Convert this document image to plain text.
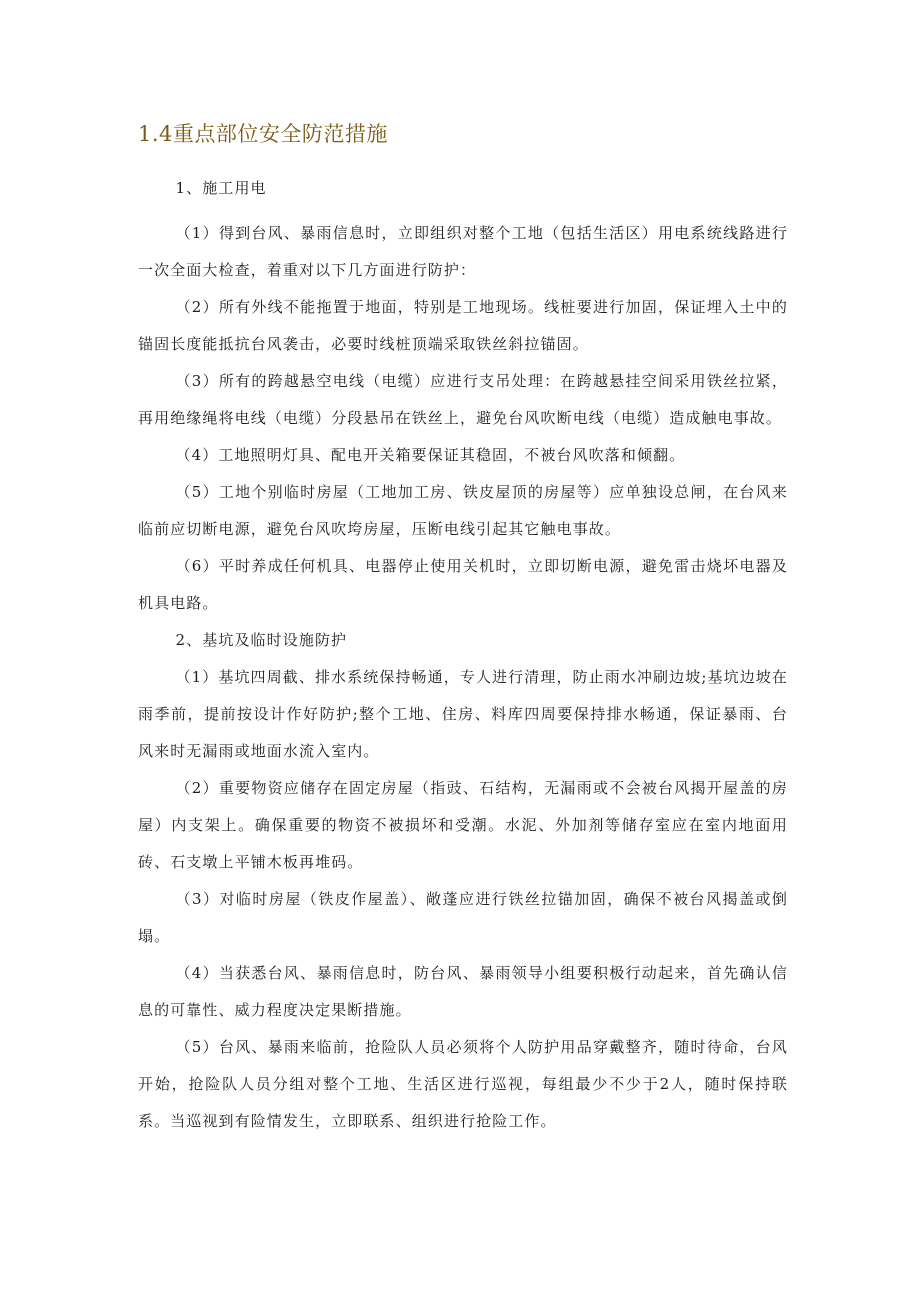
1.4重点部位安全防范措施

1、施工用电

（1）得到台风、暴雨信息时，立即组织对整个工地（包括生活区）用电系统线路进行一次全面大检查，着重对以下几方面进行防护：

（2）所有外线不能拖置于地面，特别是工地现场。线桩要进行加固，保证埋入土中的锚固长度能抵抗台风袭击，必要时线桩顶端采取铁丝斜拉锚固。

（3）所有的跨越悬空电线（电缆）应进行支吊处理：在跨越悬挂空间采用铁丝拉紧，再用绝缘绳将电线（电缆）分段悬吊在铁丝上，避免台风吹断电线（电缆）造成触电事故。

（4）工地照明灯具、配电开关箱要保证其稳固，不被台风吹落和倾翻。

（5）工地个别临时房屋（工地加工房、铁皮屋顶的房屋等）应单独设总闸，在台风来临前应切断电源，避免台风吹垮房屋，压断电线引起其它触电事故。

（6）平时养成任何机具、电器停止使用关机时，立即切断电源，避免雷击烧坏电器及机具电路。

2、基坑及临时设施防护

（1）基坑四周截、排水系统保持畅通，专人进行清理，防止雨水冲刷边坡;基坑边坡在雨季前，提前按设计作好防护;整个工地、住房、料库四周要保持排水畅通，保证暴雨、台风来时无漏雨或地面水流入室内。

（2）重要物资应储存在固定房屋（指豉、石结构，无漏雨或不会被台风揭开屋盖的房屋）内支架上。确保重要的物资不被损坏和受潮。水泥、外加剂等储存室应在室内地面用砖、石支墩上平铺木板再堆码。

（3）对临时房屋（铁皮作屋盖）、敞蓬应进行铁丝拉锚加固，确保不被台风揭盖或倒塌。

（4）当获悉台风、暴雨信息时，防台风、暴雨领导小组要积极行动起来，首先确认信息的可靠性、威力程度决定果断措施。

（5）台风、暴雨来临前，抢险队人员必须将个人防护用品穿戴整齐，随时待命，台风开始，抢险队人员分组对整个工地、生活区进行巡视，每组最少不少于2人，随时保持联系。当巡视到有险情发生，立即联系、组织进行抢险工作。
